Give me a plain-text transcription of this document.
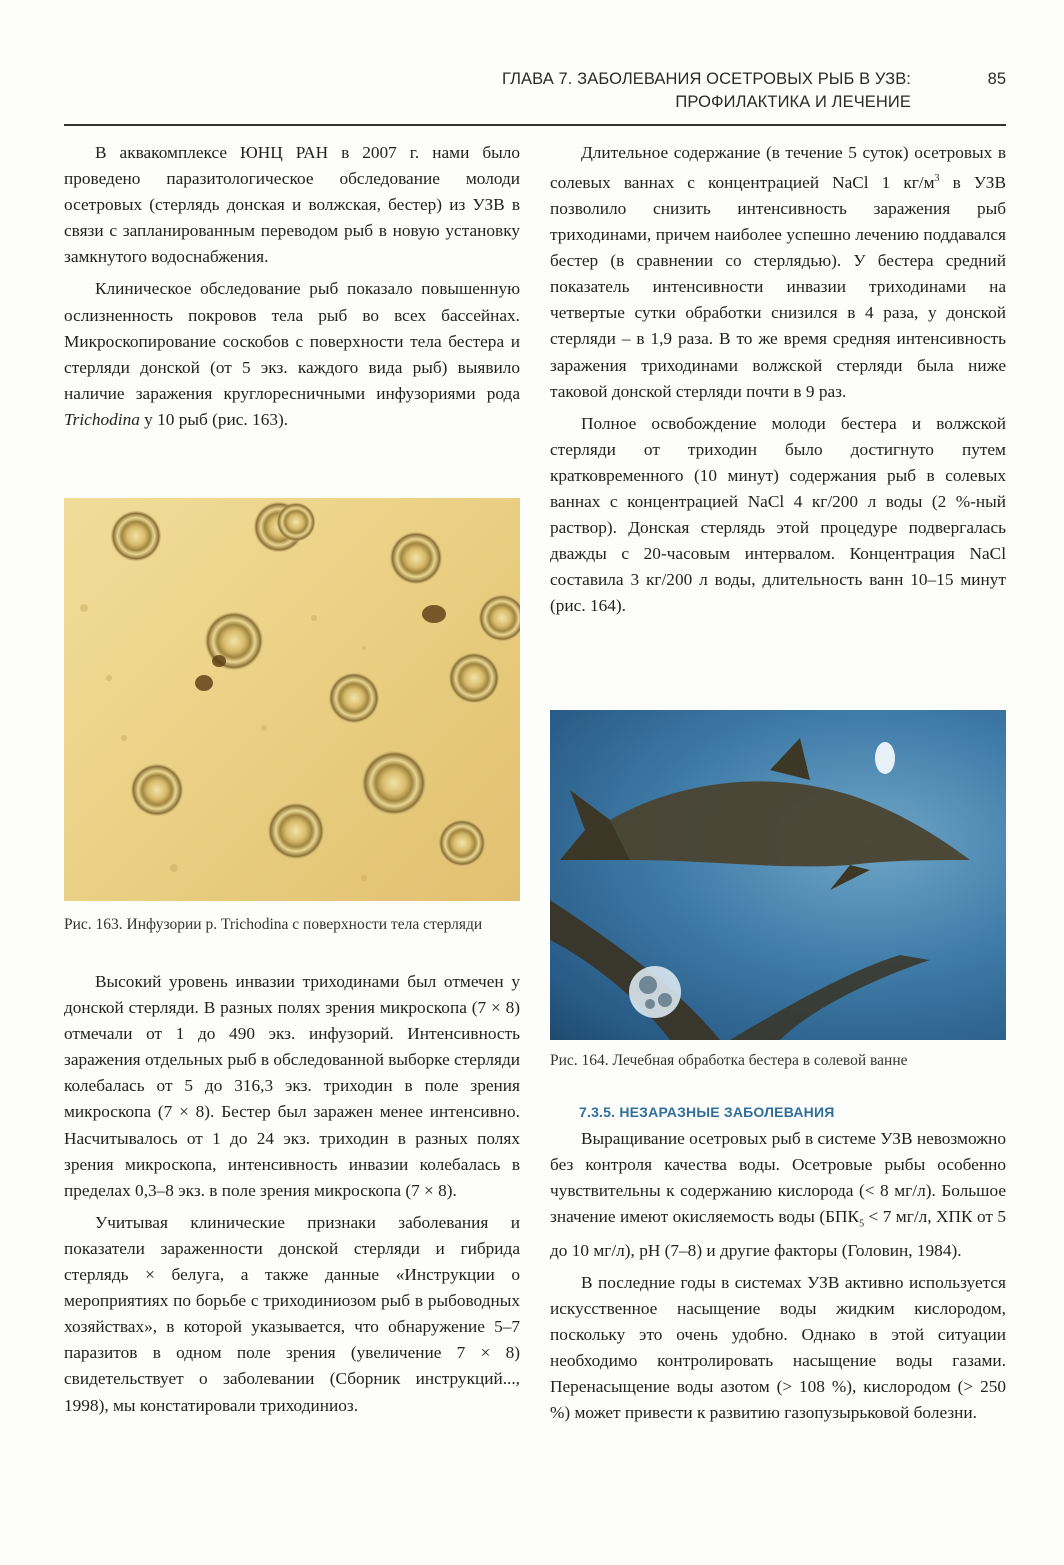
ГЛАВА 7. ЗАБОЛЕВАНИЯ ОСЕТРОВЫХ РЫБ В УЗВ:
ПРОФИЛАКТИКА И ЛЕЧЕНИЕ
85

В аквакомплексе ЮНЦ РАН в 2007 г. нами было проведено паразитологическое обследование молоди осетровых (стерлядь донская и волжская, бестер) из УЗВ в связи с запланированным переводом рыб в новую установку замкнутого водоснабжения.

Клиническое обследование рыб показало повышенную ослизненность покровов тела рыб во всех бассейнах. Микроскопирование соскобов с поверхности тела бестера и стерляди донской (от 5 экз. каждого вида рыб) выявило наличие заражения круглоресничными инфузориями рода Trichodina у 10 рыб (рис. 163).

Рис. 163. Инфузории р. Trichodina с поверхности тела стерляди

Высокий уровень инвазии триходинами был отмечен у донской стерляди. В разных полях зрения микроскопа (7 × 8) отмечали от 1 до 490 экз. инфузорий. Интенсивность заражения отдельных рыб в обследованной выборке стерляди колебалась от 5 до 316,3 экз. триходин в поле зрения микроскопа (7 × 8). Бестер был заражен менее интенсивно. Насчитывалось от 1 до 24 экз. триходин в разных полях зрения микроскопа, интенсивность инвазии колебалась в пределах 0,3–8 экз. в поле зрения микроскопа (7 × 8).

Учитывая клинические признаки заболевания и показатели зараженности донской стерляди и гибрида стерлядь × белуга, а также данные «Инструкции о мероприятиях по борьбе с триходиниозом рыб в рыбоводных хозяйствах», в которой указывается, что обнаружение 5–7 паразитов в одном поле зрения (увеличение 7 × 8) свидетельствует о заболевании (Сборник инструкций..., 1998), мы констатировали триходиниоз.

Длительное содержание (в течение 5 суток) осетровых в солевых ваннах с концентрацией NaCl 1 $кг/м^3$ в УЗВ позволило снизить интенсивность заражения рыб триходинами, причем наиболее успешно лечению поддавался бестер (в сравнении со стерлядью). У бестера средний показатель интенсивности инвазии триходинами на четвертые сутки обработки снизился в 4 раза, у донской стерляди – в 1,9 раза. В то же время средняя интенсивность заражения триходинами волжской стерляди была ниже таковой донской стерляди почти в 9 раз.

Полное освобождение молоди бестера и волжской стерляди от триходин было достигнуто путем кратковременного (10 минут) содержания рыб в солевых ваннах с концентрацией NaCl 4 кг/200 л воды (2 %-ный раствор). Донская стерлядь этой процедуре подвергалась дважды с 20-часовым интервалом. Концентрация NaCl составила 3 кг/200 л воды, длительность ванн 10–15 минут (рис. 164).

Рис. 164. Лечебная обработка бестера в солевой ванне
7.3.5. НЕЗАРАЗНЫЕ ЗАБОЛЕВАНИЯ

Выращивание осетровых рыб в системе УЗВ невозможно без контроля качества воды. Осетровые рыбы особенно чувствительны к содержанию кислорода (< 8 мг/л). Большое значение имеют окисляемость воды ($БПК_5 < 7$ мг/л, ХПК от 5 до 10 мг/л), pH (7–8) и другие факторы (Головин, 1984).

В последние годы в системах УЗВ активно используется искусственное насыщение воды жидким кислородом, поскольку это очень удобно. Однако в этой ситуации необходимо контролировать насыщение воды газами. Перенасыщение воды азотом (> 108 %), кислородом (> 250 %) может привести к развитию газопузырьковой болезни.
